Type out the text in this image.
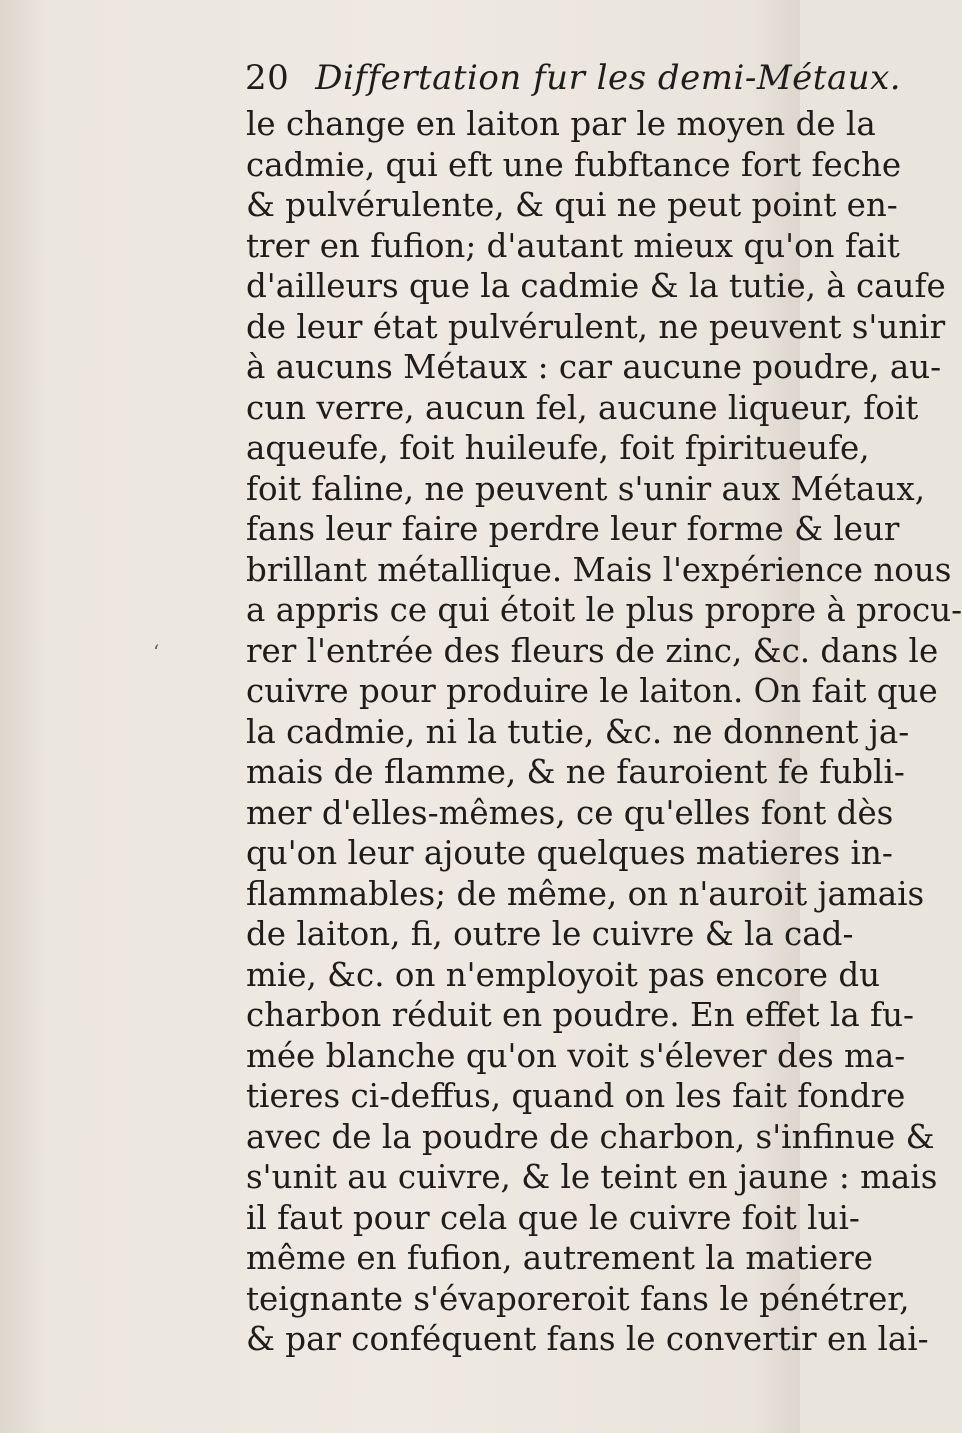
20 Differtation fur les demi-Métaux.
‘
le change en laiton par le moyen de la
cadmie, qui eft une fubftance fort feche
& pulvérulente, & qui ne peut point en-
trer en fufion; d'autant mieux qu'on fait
d'ailleurs que la cadmie & la tutie, à caufe
de leur état pulvérulent, ne peuvent s'unir
à aucuns Métaux : car aucune poudre, au-
cun verre, aucun fel, aucune liqueur, foit
aqueufe, foit huileufe, foit fpiritueufe,
foit faline, ne peuvent s'unir aux Métaux,
fans leur faire perdre leur forme & leur
brillant métallique. Mais l'expérience nous
a appris ce qui étoit le plus propre à procu-
rer l'entrée des fleurs de zinc, &c. dans le
cuivre pour produire le laiton. On fait que
la cadmie, ni la tutie, &c. ne donnent ja-
mais de flamme, & ne fauroient fe fubli-
mer d'elles-mêmes, ce qu'elles font dès
qu'on leur ajoute quelques matieres in-
flammables; de même, on n'auroit jamais
de laiton, fi, outre le cuivre & la cad-
mie, &c. on n'employoit pas encore du
charbon réduit en poudre. En effet la fu-
mée blanche qu'on voit s'élever des ma-
tieres ci-deffus, quand on les fait fondre
avec de la poudre de charbon, s'infinue &
s'unit au cuivre, & le teint en jaune : mais
il faut pour cela que le cuivre foit lui-
même en fufion, autrement la matiere
teignante s'évaporeroit fans le pénétrer,
& par conféquent fans le convertir en lai-
